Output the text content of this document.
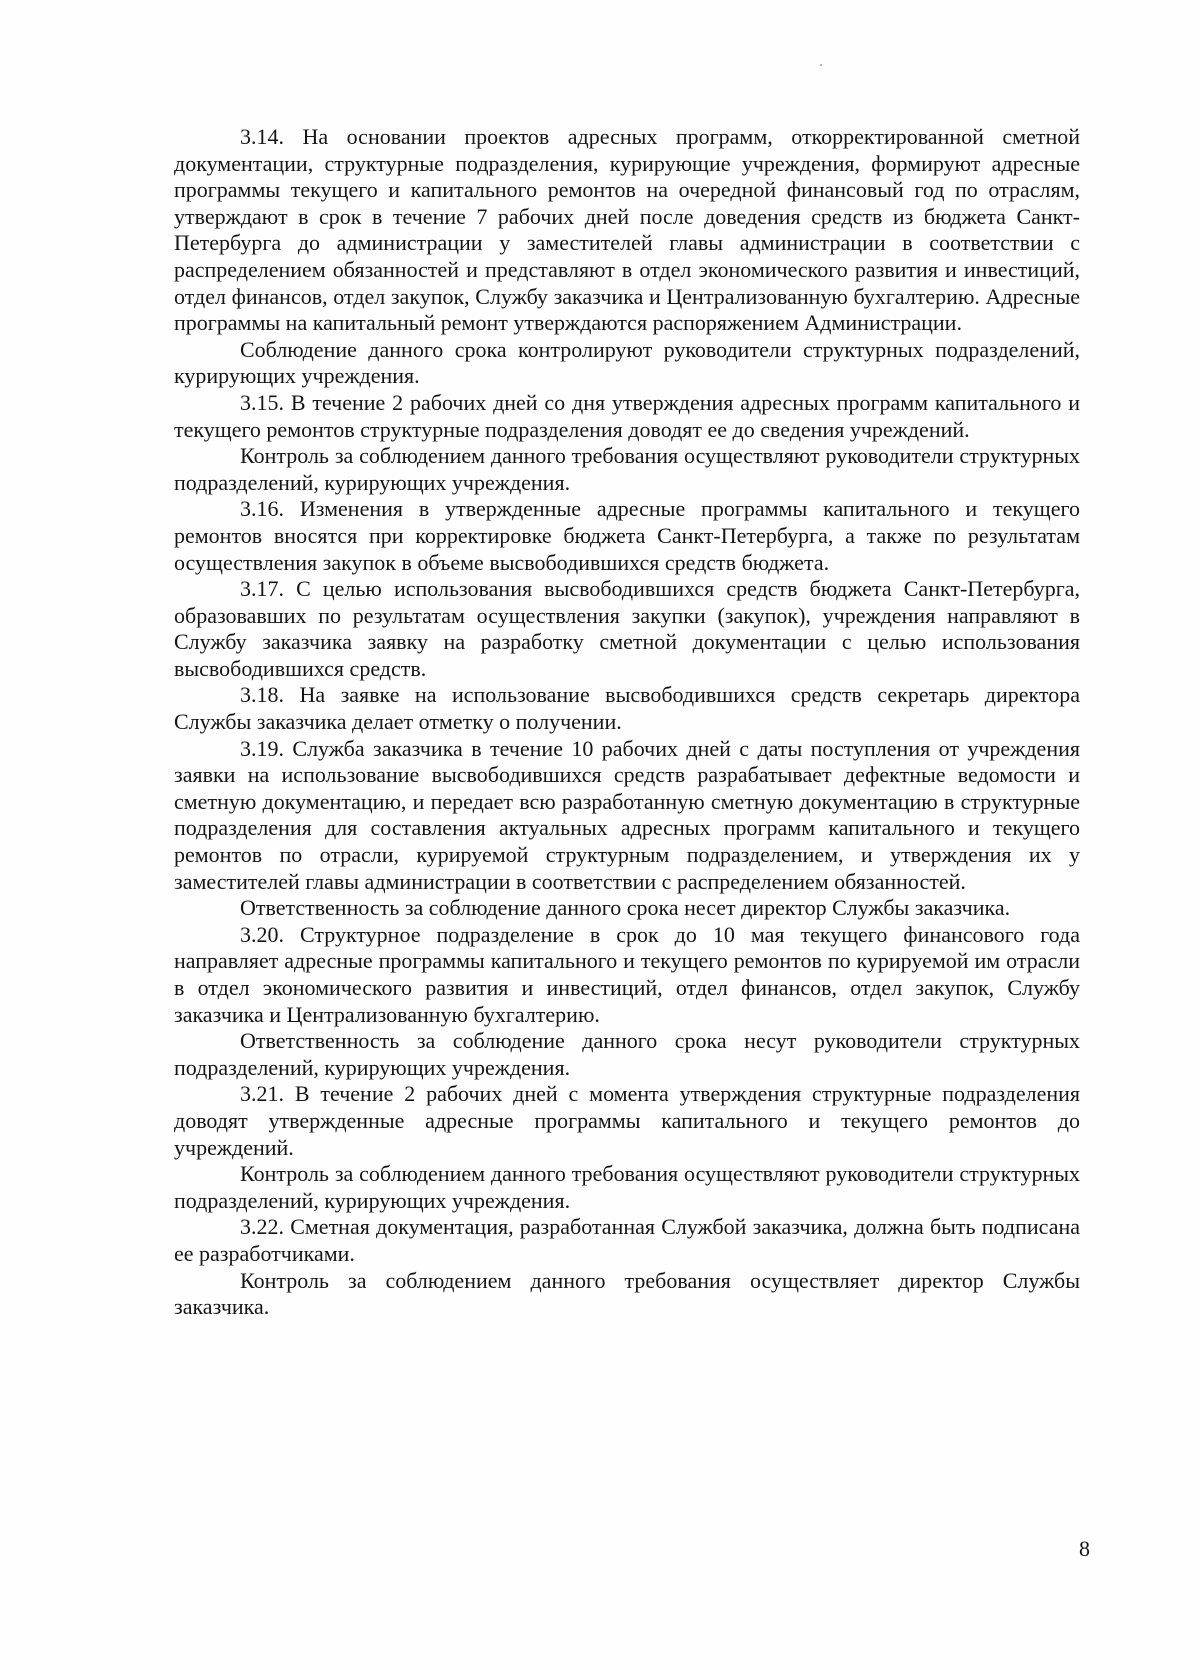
3.14. На основании проектов адресных программ, откорректированной сметной документации, структурные подразделения, курирующие учреждения, формируют адресные программы текущего и капитального ремонтов на очередной финансовый год по отраслям, утверждают в срок в течение 7 рабочих дней после доведения средств из бюджета Санкт-Петербурга до администрации у заместителей главы администрации в соответствии с распределением обязанностей и представляют в отдел экономического развития и инвестиций, отдел финансов, отдел закупок, Службу заказчика и Централизованную бухгалтерию. Адресные программы на капитальный ремонт утверждаются распоряжением Администрации.

Соблюдение данного срока контролируют руководители структурных подразделений, курирующих учреждения.

3.15. В течение 2 рабочих дней со дня утверждения адресных программ капитального и текущего ремонтов структурные подразделения доводят ее до сведения учреждений.

Контроль за соблюдением данного требования осуществляют руководители структурных подразделений, курирующих учреждения.

3.16. Изменения в утвержденные адресные программы капитального и текущего ремонтов вносятся при корректировке бюджета Санкт-Петербурга, а также по результатам осуществления закупок в объеме высвободившихся средств бюджета.

3.17. С целью использования высвободившихся средств бюджета Санкт-Петербурга, образовавших по результатам осуществления закупки (закупок), учреждения направляют в Службу заказчика заявку на разработку сметной документации с целью использования высвободившихся средств.

3.18. На заявке на использование высвободившихся средств секретарь директора Службы заказчика делает отметку о получении.

3.19. Служба заказчика в течение 10 рабочих дней с даты поступления от учреждения заявки на использование высвободившихся средств разрабатывает дефектные ведомости и сметную документацию, и передает всю разработанную сметную документацию в структурные подразделения для составления актуальных адресных программ капитального и текущего ремонтов по отрасли, курируемой структурным подразделением, и утверждения их у заместителей главы администрации в соответствии с распределением обязанностей.

Ответственность за соблюдение данного срока несет директор Службы заказчика.

3.20. Структурное подразделение в срок до 10 мая текущего финансового года направляет адресные программы капитального и текущего ремонтов по курируемой им отрасли в отдел экономического развития и инвестиций, отдел финансов, отдел закупок, Службу заказчика и Централизованную бухгалтерию.

Ответственность за соблюдение данного срока несут руководители структурных подразделений, курирующих учреждения.

3.21. В течение 2 рабочих дней с момента утверждения структурные подразделения доводят утвержденные адресные программы капитального и текущего ремонтов до учреждений.

Контроль за соблюдением данного требования осуществляют руководители структурных подразделений, курирующих учреждения.

3.22. Сметная документация, разработанная Службой заказчика, должна быть подписана ее разработчиками.

Контроль за соблюдением данного требования осуществляет директор Службы заказчика.

8
